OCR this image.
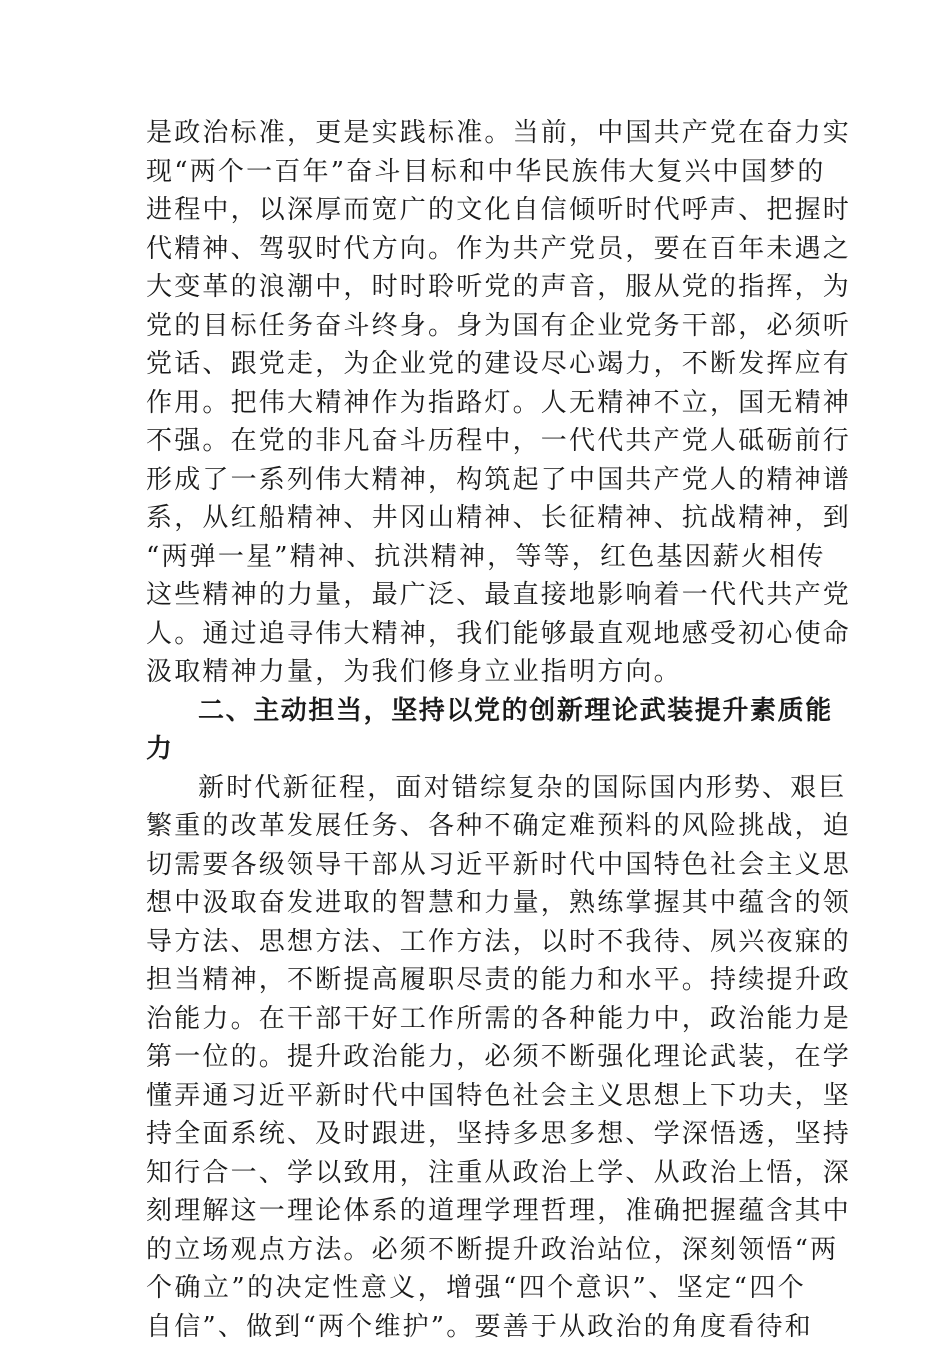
是政治标准，更是实践标准。当前，中国共产党在奋力实
现“两个一百年”奋斗目标和中华民族伟大复兴中国梦的
进程中，以深厚而宽广的文化自信倾听时代呼声、把握时
代精神、驾驭时代方向。作为共产党员，要在百年未遇之
大变革的浪潮中，时时聆听党的声音，服从党的指挥，为
党的目标任务奋斗终身。身为国有企业党务干部，必须听
党话、跟党走，为企业党的建设尽心竭力，不断发挥应有
作用。把伟大精神作为指路灯。人无精神不立，国无精神
不强。在党的非凡奋斗历程中，一代代共产党人砥砺前行
形成了一系列伟大精神，构筑起了中国共产党人的精神谱
系，从红船精神、井冈山精神、长征精神、抗战精神，到
“两弹一星”精神、抗洪精神，等等，红色基因薪火相传
这些精神的力量，最广泛、最直接地影响着一代代共产党
人。通过追寻伟大精神，我们能够最直观地感受初心使命
汲取精神力量，为我们修身立业指明方向。
二、主动担当，坚持以党的创新理论武装提升素质能
力
新时代新征程，面对错综复杂的国际国内形势、艰巨
繁重的改革发展任务、各种不确定难预料的风险挑战，迫
切需要各级领导干部从习近平新时代中国特色社会主义思
想中汲取奋发进取的智慧和力量，熟练掌握其中蕴含的领
导方法、思想方法、工作方法，以时不我待、夙兴夜寐的
担当精神，不断提高履职尽责的能力和水平。持续提升政
治能力。在干部干好工作所需的各种能力中，政治能力是
第一位的。提升政治能力，必须不断强化理论武装，在学
懂弄通习近平新时代中国特色社会主义思想上下功夫，坚
持全面系统、及时跟进，坚持多思多想、学深悟透，坚持
知行合一、学以致用，注重从政治上学、从政治上悟，深
刻理解这一理论体系的道理学理哲理，准确把握蕴含其中
的立场观点方法。必须不断提升政治站位，深刻领悟“两
个确立”的决定性意义，增强“四个意识”、坚定“四个
自信”、做到“两个维护”。要善于从政治的角度看待和
